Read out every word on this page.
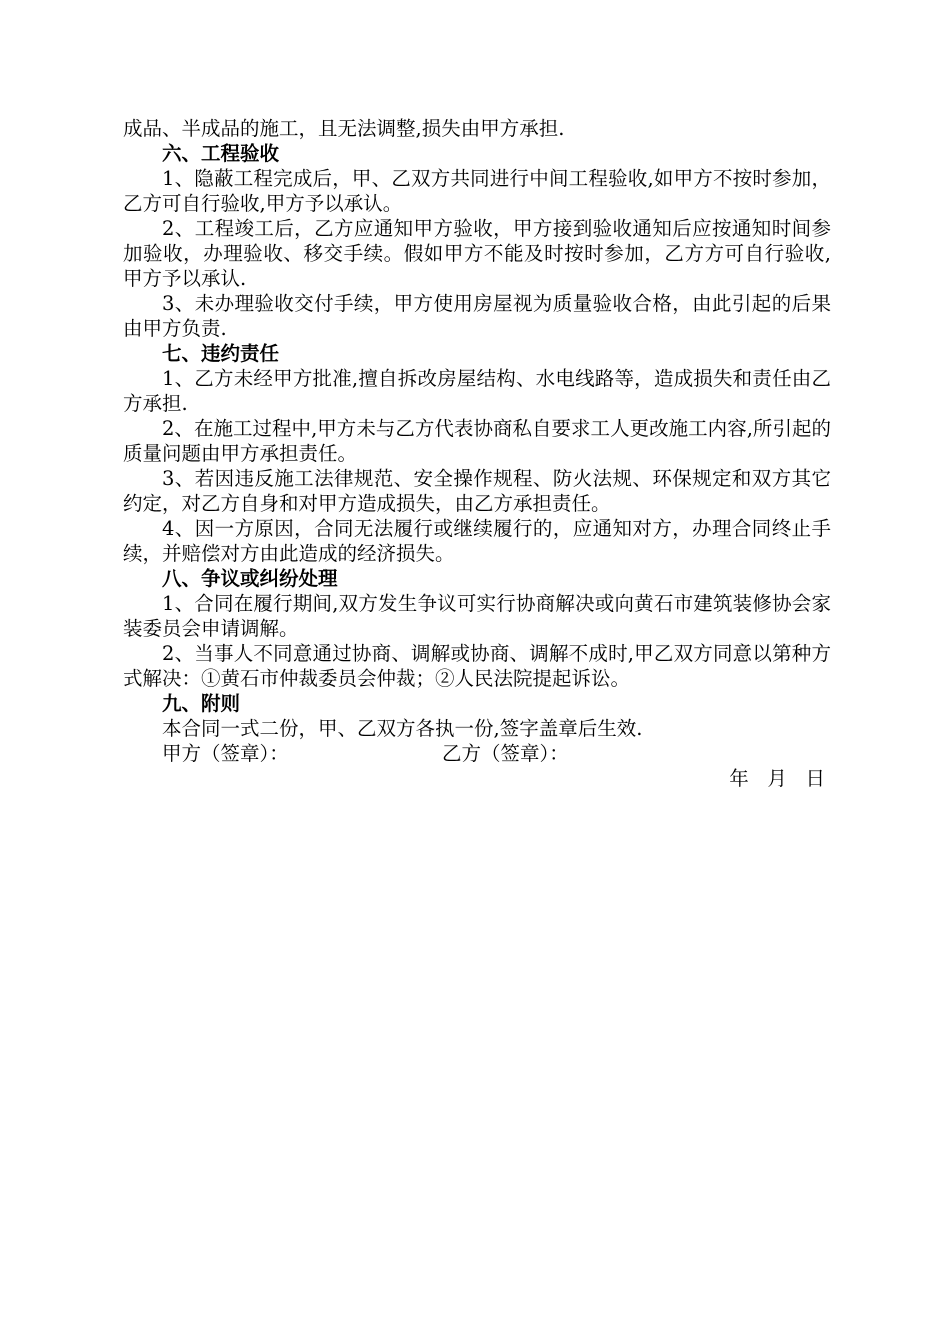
成品、半成品的施工，且无法调整,损失由甲方承担.

六、工程验收

1、隐蔽工程完成后，甲、乙双方共同进行中间工程验收,如甲方不按时参加，乙方可自行验收,甲方予以承认。

2、工程竣工后，乙方应通知甲方验收，甲方接到验收通知后应按通知时间参加验收，办理验收、移交手续。假如甲方不能及时按时参加，乙方方可自行验收,甲方予以承认.

3、未办理验收交付手续，甲方使用房屋视为质量验收合格，由此引起的后果由甲方负责.

七、违约责任

1、乙方未经甲方批准,擅自拆改房屋结构、水电线路等，造成损失和责任由乙方承担.

2、在施工过程中,甲方未与乙方代表协商私自要求工人更改施工内容,所引起的质量问题由甲方承担责任。

3、若因违反施工法律规范、安全操作规程、防火法规、环保规定和双方其它约定，对乙方自身和对甲方造成损失，由乙方承担责任。

4、因一方原因，合同无法履行或继续履行的，应通知对方，办理合同终止手续，并赔偿对方由此造成的经济损失。

八、争议或纠纷处理

1、合同在履行期间,双方发生争议可实行协商解决或向黄石市建筑装修协会家装委员会申请调解。

2、当事人不同意通过协商、调解或协商、调解不成时,甲乙双方同意以第种方式解决：①黄石市仲裁委员会仲裁；②人民法院提起诉讼。

九、附则

本合同一式二份，甲、乙双方各执一份,签字盖章后生效.

甲方（签章）：	乙方（签章）：

年   月   日
